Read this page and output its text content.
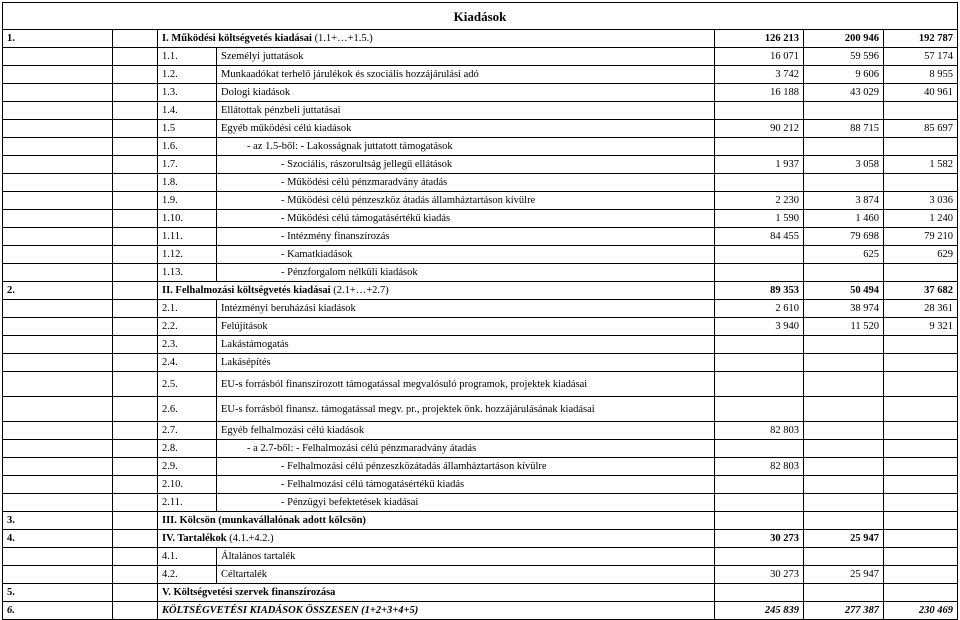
Kiadások						
1.		I. Működési költségvetés kiadásai (1.1+…+1.5.)		126 213	200 946	192 787
		1.1.	Személyi juttatások	16 071	59 596	57 174
		1.2.	Munkaadókat terhelő járulékok és szociális hozzájárulási adó	3 742	9 606	8 955
		1.3.	Dologi kiadások	16 188	43 029	40 961
		1.4.	Ellátottak pénzbeli juttatásai			
		1.5	Egyéb működési célú kiadások	90 212	88 715	85 697
		1.6.	- az 1.5-ből: - Lakosságnak juttatott támogatások			
		1.7.	- Szociális, rászorultság jellegű ellátások	1 937	3 058	1 582
		1.8.	- Működési célú pénzmaradvány átadás			
		1.9.	- Működési célú pénzeszköz átadás államháztartáson kívülre	2 230	3 874	3 036
		1.10.	- Működési célú támogatásértékű kiadás	1 590	1 460	1 240
		1.11.	- Intézmény finanszírozás	84 455	79 698	79 210
		1.12.	- Kamatkiadások		625	629
		1.13.	- Pénzforgalom nélküli kiadások			
2.		II. Felhalmozási költségvetés kiadásai (2.1+…+2.7)		89 353	50 494	37 682
		2.1.	Intézményi beruházási kiadások	2 610	38 974	28 361
		2.2.	Felújítások	3 940	11 520	9 321
		2.3.	Lakástámogatás			
		2.4.	Lakásépítés			
		2.5.	EU-s forrásból finanszírozott támogatással megvalósuló programok, projektek kiadásai			
		2.6.	EU-s forrásból finansz. támogatással megv. pr., projektek önk. hozzájárulásának kiadásai			
		2.7.	Egyéb felhalmozási célú kiadások	82 803		
		2.8.	- a 2.7-ből: - Felhalmozási célú pénzmaradvány átadás			
		2.9.	- Felhalmozási célú pénzeszközátadás államháztartáson kívülre	82 803		
		2.10.	- Felhalmozási célú támogatásértékű kiadás			
		2.11.	- Pénzügyi befektetések kiadásai			
3.		III. Kölcsön (munkavállalónak adott kölcsön)				
4.		IV. Tartalékok (4.1.+4.2.)		30 273	25 947	
		4.1.	Általános tartalék			
		4.2.	Céltartalék	30 273	25 947	
5.		V. Költségvetési szervek finanszírozása				
6.		KÖLTSÉGVETÉSI KIADÁSOK ÖSSZESEN (1+2+3+4+5)		245 839	277 387	230 469
